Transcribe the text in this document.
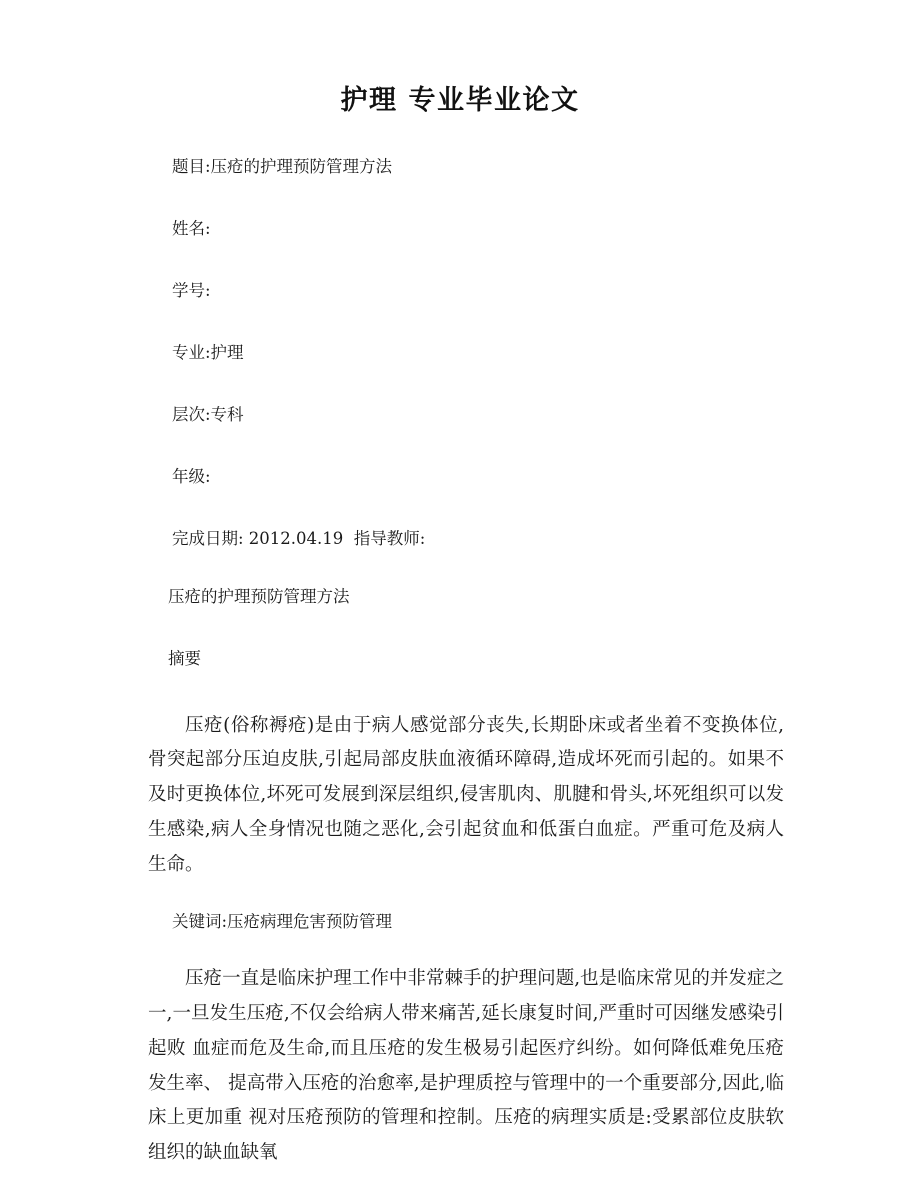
护理 专业毕业论文

题目:压疮的护理预防管理方法

姓名:

学号:

专业:护理

层次:专科

年级:

完成日期: 2012.04.19  指导教师:

压疮的护理预防管理方法

摘要

压疮(俗称褥疮)是由于病人感觉部分丧失,长期卧床或者坐着不变换体位,骨突起部分压迫皮肤,引起局部皮肤血液循环障碍,造成坏死而引起的。如果不及时更换体位,坏死可发展到深层组织,侵害肌肉、肌腱和骨头,坏死组织可以发生感染,病人全身情况也随之恶化,会引起贫血和低蛋白血症。严重可危及病人生命。

关键词:压疮病理危害预防管理

压疮一直是临床护理工作中非常棘手的护理问题,也是临床常见的并发症之一,一旦发生压疮,不仅会给病人带来痛苦,延长康复时间,严重时可因继发感染引起败 血症而危及生命,而且压疮的发生极易引起医疗纠纷。如何降低难免压疮发生率、 提高带入压疮的治愈率,是护理质控与管理中的一个重要部分,因此,临床上更加重 视对压疮预防的管理和控制。压疮的病理实质是:受累部位皮肤软组织的缺血缺氧
